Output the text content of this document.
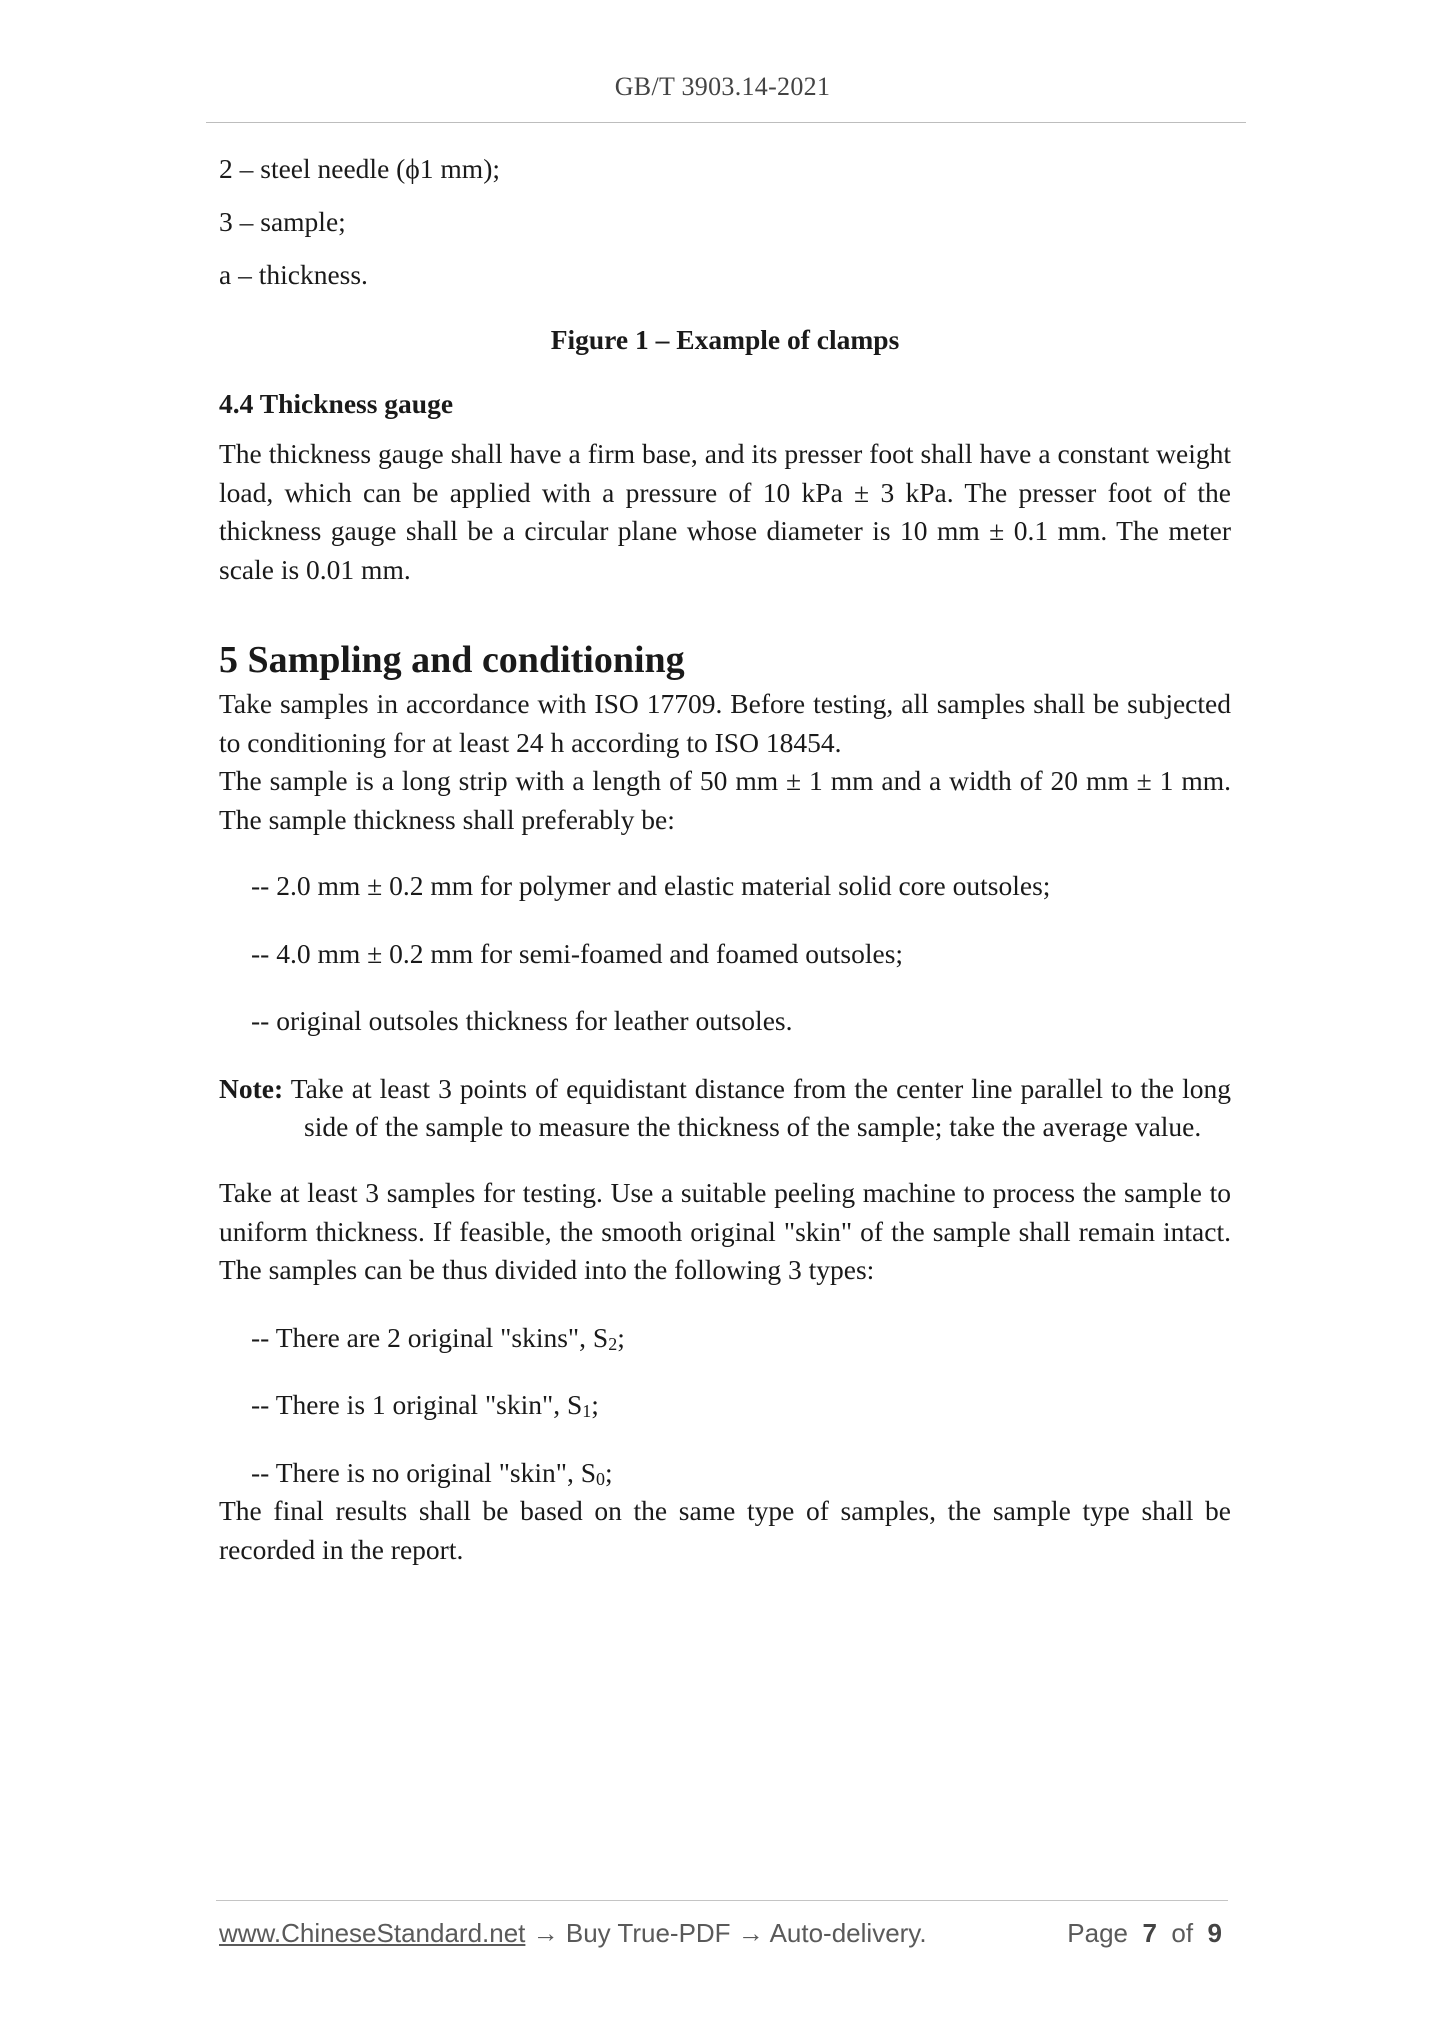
GB/T 3903.14-2021
2 – steel needle (ϕ1 mm);
3 – sample;
a – thickness.
Figure 1 – Example of clamps
4.4 Thickness gauge

The thickness gauge shall have a firm base, and its presser foot shall have a constant weight load, which can be applied with a pressure of 10 kPa ± 3 kPa. The presser foot of the thickness gauge shall be a circular plane whose diameter is 10 mm ± 0.1 mm. The meter scale is 0.01 mm.

5 Sampling and conditioning

Take samples in accordance with ISO 17709. Before testing, all samples shall be subjected to conditioning for at least 24 h according to ISO 18454.

The sample is a long strip with a length of 50 mm ± 1 mm and a width of 20 mm ± 1 mm. The sample thickness shall preferably be:

-- 2.0 mm ± 0.2 mm for polymer and elastic material solid core outsoles;

-- 4.0 mm ± 0.2 mm for semi-foamed and foamed outsoles;

-- original outsoles thickness for leather outsoles.

Note: Take at least 3 points of equidistant distance from the center line parallel to the long side of the sample to measure the thickness of the sample; take the average value.

Take at least 3 samples for testing. Use a suitable peeling machine to process the sample to uniform thickness. If feasible, the smooth original "skin" of the sample shall remain intact. The samples can be thus divided into the following 3 types:

-- There are 2 original "skins", $S_2$;

-- There is 1 original "skin", $S_1$;

-- There is no original "skin", $S_0$;

The final results shall be based on the same type of samples, the sample type shall be recorded in the report.

www.ChineseStandard.net → Buy True-PDF → Auto-delivery.	Page 7 of 9
